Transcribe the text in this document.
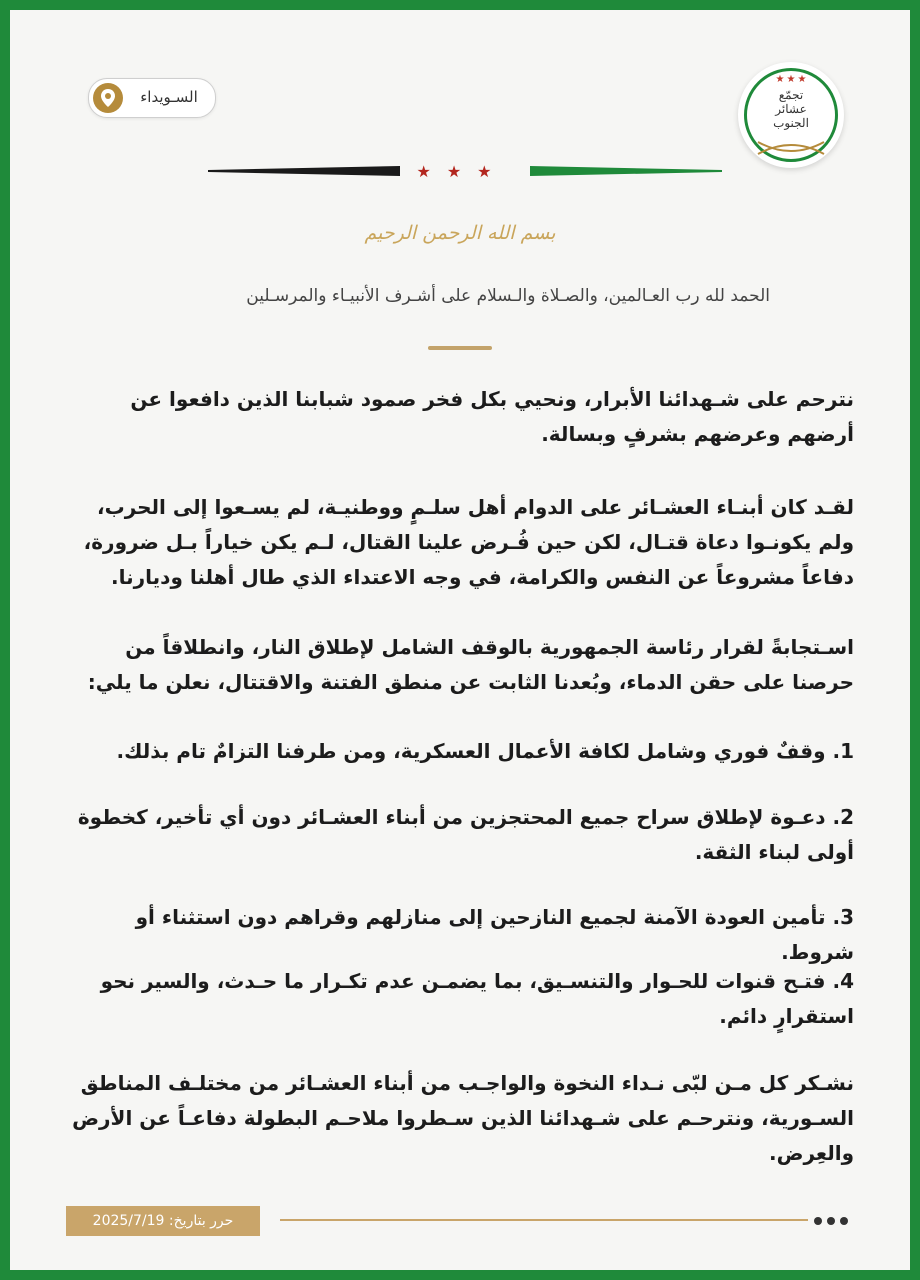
السـويداء
★★★
تجمّع
عشائر
الجنوب
★★★
بسم الله الرحمن الرحيم
الحمد لله رب العـالمين، والصـلاة والـسلام على أشـرف الأنبيـاء والمرسـلين
نترحم على شـهدائنا الأبرار، ونحيي بكل فخر صمود شبابنا الذين دافعوا عن أرضهم وعرضهم بشرفٍ وبسالة.
لقـد كان أبنـاء العشـائر على الدوام أهل سلـمٍ ووطنيـة، لم يسـعوا إلى الحرب، ولم يكونـوا دعاة قتـال، لكن حين فُـرض علينا القتال، لـم يكن خياراً بـل ضرورة، دفاعاً مشروعاً عن النفس والكرامة، في وجه الاعتداء الذي طال أهلنا وديارنا.
اسـتجابةً لقرار رئاسة الجمهورية بالوقف الشامل لإطلاق النار، وانطلاقاً من حرصنا على حقن الدماء، وبُعدنا الثابت عن منطق الفتنة والاقتتال، نعلن ما يلي:
1. وقفٌ فوري وشامل لكافة الأعمال العسكرية، ومن طرفنا التزامٌ تام بذلك.
2. دعـوة لإطلاق سراح جميع المحتجزين من أبناء العشـائر دون أي تأخير، كخطوة أولى لبناء الثقة.
3. تأمين العودة الآمنة لجميع النازحين إلى منازلهم وقراهم دون استثناء أو شروط.
4. فتـح قنوات للحـوار والتنسـيق، بما يضمـن عدم تكـرار ما حـدث، والسير نحو استقرارٍ دائم.
نشـكر كل مـن لبّى نـداء النخوة والواجـب من أبناء العشـائر من مختلـف المناطق السـورية، ونترحـم على شـهدائنا الذين سـطروا ملاحـم البطولة دفاعـاً عن الأرض والعِرض.
حرر بتاريخ: 2025/7/19
